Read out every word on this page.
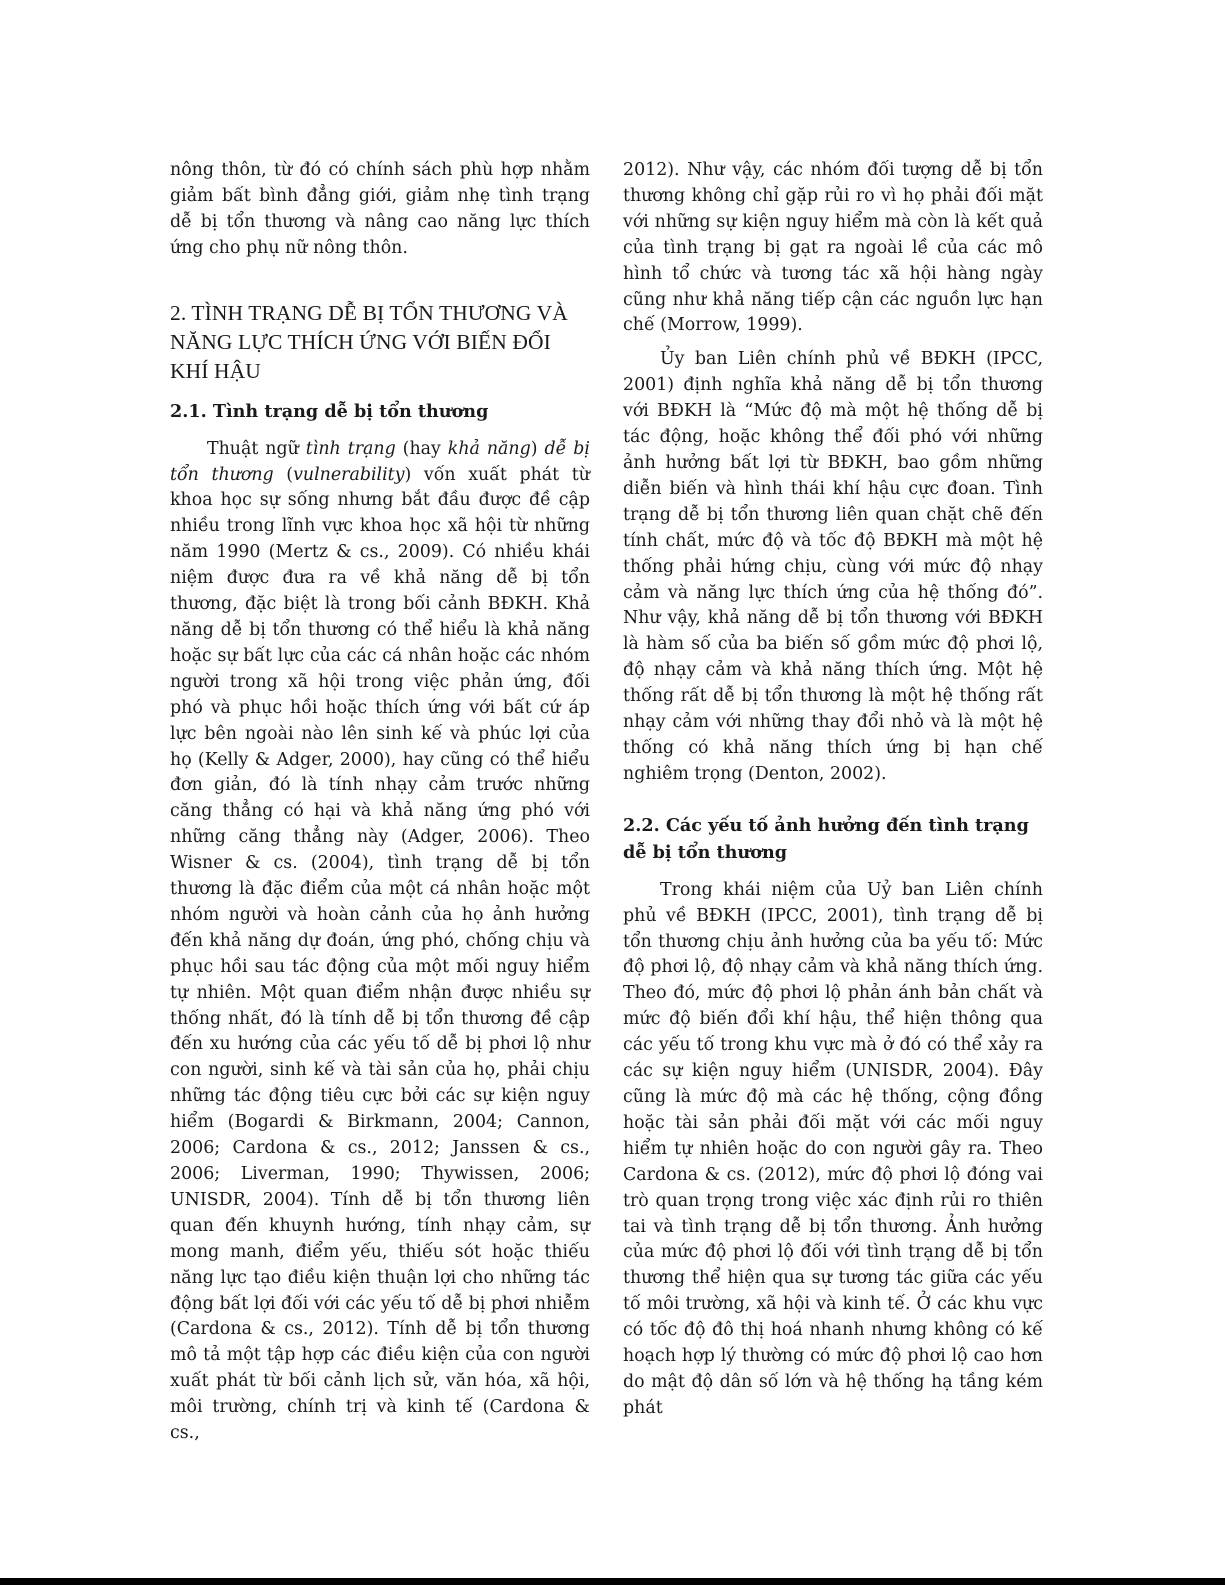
nông thôn, từ đó có chính sách phù hợp nhằm giảm bất bình đẳng giới, giảm nhẹ tình trạng dễ bị tổn thương và nâng cao năng lực thích ứng cho phụ nữ nông thôn.

2. TÌNH TRẠNG DỄ BỊ TỔN THƯƠNG VÀ NĂNG LỰC THÍCH ỨNG VỚI BIẾN ĐỔI KHÍ HẬU
2.1. Tình trạng dễ bị tổn thương

Thuật ngữ tình trạng (hay khả năng) dễ bị tổn thương (vulnerability) vốn xuất phát từ khoa học sự sống nhưng bắt đầu được đề cập nhiều trong lĩnh vực khoa học xã hội từ những năm 1990 (Mertz & cs., 2009). Có nhiều khái niệm được đưa ra về khả năng dễ bị tổn thương, đặc biệt là trong bối cảnh BĐKH. Khả năng dễ bị tổn thương có thể hiểu là khả năng hoặc sự bất lực của các cá nhân hoặc các nhóm người trong xã hội trong việc phản ứng, đối phó và phục hồi hoặc thích ứng với bất cứ áp lực bên ngoài nào lên sinh kế và phúc lợi của họ (Kelly & Adger, 2000), hay cũng có thể hiểu đơn giản, đó là tính nhạy cảm trước những căng thẳng có hại và khả năng ứng phó với những căng thẳng này (Adger, 2006). Theo Wisner & cs. (2004), tình trạng dễ bị tổn thương là đặc điểm của một cá nhân hoặc một nhóm người và hoàn cảnh của họ ảnh hưởng đến khả năng dự đoán, ứng phó, chống chịu và phục hồi sau tác động của một mối nguy hiểm tự nhiên. Một quan điểm nhận được nhiều sự thống nhất, đó là tính dễ bị tổn thương đề cập đến xu hướng của các yếu tố dễ bị phơi lộ như con người, sinh kế và tài sản của họ, phải chịu những tác động tiêu cực bởi các sự kiện nguy hiểm (Bogardi & Birkmann, 2004; Cannon, 2006; Cardona & cs., 2012; Janssen & cs., 2006; Liverman, 1990; Thywissen, 2006; UNISDR, 2004). Tính dễ bị tổn thương liên quan đến khuynh hướng, tính nhạy cảm, sự mong manh, điểm yếu, thiếu sót hoặc thiếu năng lực tạo điều kiện thuận lợi cho những tác động bất lợi đối với các yếu tố dễ bị phơi nhiễm (Cardona & cs., 2012). Tính dễ bị tổn thương mô tả một tập hợp các điều kiện của con người xuất phát từ bối cảnh lịch sử, văn hóa, xã hội, môi trường, chính trị và kinh tế (Cardona & cs.,

2012). Như vậy, các nhóm đối tượng dễ bị tổn thương không chỉ gặp rủi ro vì họ phải đối mặt với những sự kiện nguy hiểm mà còn là kết quả của tình trạng bị gạt ra ngoài lề của các mô hình tổ chức và tương tác xã hội hàng ngày cũng như khả năng tiếp cận các nguồn lực hạn chế (Morrow, 1999).

Ủy ban Liên chính phủ về BĐKH (IPCC, 2001) định nghĩa khả năng dễ bị tổn thương với BĐKH là “Mức độ mà một hệ thống dễ bị tác động, hoặc không thể đối phó với những ảnh hưởng bất lợi từ BĐKH, bao gồm những diễn biến và hình thái khí hậu cực đoan. Tình trạng dễ bị tổn thương liên quan chặt chẽ đến tính chất, mức độ và tốc độ BĐKH mà một hệ thống phải hứng chịu, cùng với mức độ nhạy cảm và năng lực thích ứng của hệ thống đó”. Như vậy, khả năng dễ bị tổn thương với BĐKH là hàm số của ba biến số gồm mức độ phơi lộ, độ nhạy cảm và khả năng thích ứng. Một hệ thống rất dễ bị tổn thương là một hệ thống rất nhạy cảm với những thay đổi nhỏ và là một hệ thống có khả năng thích ứng bị hạn chế nghiêm trọng (Denton, 2002).

2.2. Các yếu tố ảnh hưởng đến tình trạng dễ bị tổn thương

Trong khái niệm của Uỷ ban Liên chính phủ về BĐKH (IPCC, 2001), tình trạng dễ bị tổn thương chịu ảnh hưởng của ba yếu tố: Mức độ phơi lộ, độ nhạy cảm và khả năng thích ứng. Theo đó, mức độ phơi lộ phản ánh bản chất và mức độ biến đổi khí hậu, thể hiện thông qua các yếu tố trong khu vực mà ở đó có thể xảy ra các sự kiện nguy hiểm (UNISDR, 2004). Đây cũng là mức độ mà các hệ thống, cộng đồng hoặc tài sản phải đối mặt với các mối nguy hiểm tự nhiên hoặc do con người gây ra. Theo Cardona & cs. (2012), mức độ phơi lộ đóng vai trò quan trọng trong việc xác định rủi ro thiên tai và tình trạng dễ bị tổn thương. Ảnh hưởng của mức độ phơi lộ đối với tình trạng dễ bị tổn thương thể hiện qua sự tương tác giữa các yếu tố môi trường, xã hội và kinh tế. Ở các khu vực có tốc độ đô thị hoá nhanh nhưng không có kế hoạch hợp lý thường có mức độ phơi lộ cao hơn do mật độ dân số lớn và hệ thống hạ tầng kém phát
